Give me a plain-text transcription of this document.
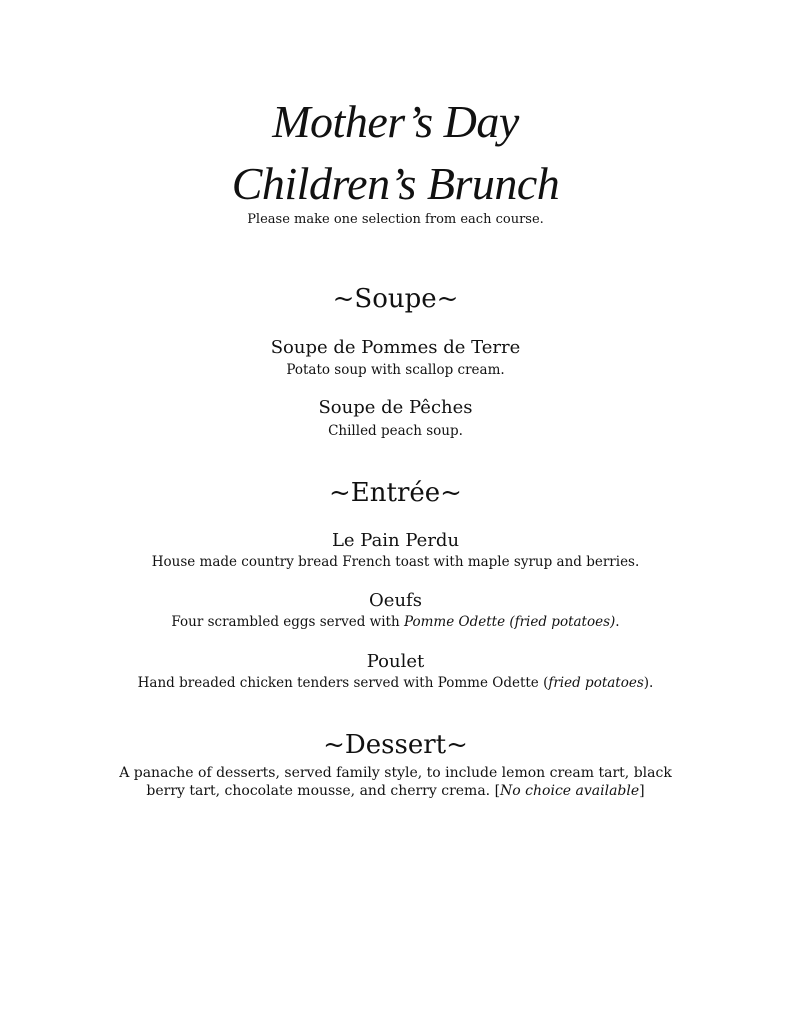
Mother’s Day
Children’s Brunch
Please make one selection from each course.
~Soupe~
Soupe de Pommes de Terre
Potato soup with scallop cream.
Soupe de Pêches
Chilled peach soup.
~Entrée~
Le Pain Perdu
House made country bread French toast with maple syrup and berries.
Oeufs
Four scrambled eggs served with Pomme Odette (fried potatoes).
Poulet
Hand breaded chicken tenders served with Pomme Odette (fried potatoes).
~Dessert~
A panache of desserts, served family style, to include lemon cream tart, black
berry tart, chocolate mousse, and cherry crema. [No choice available]
